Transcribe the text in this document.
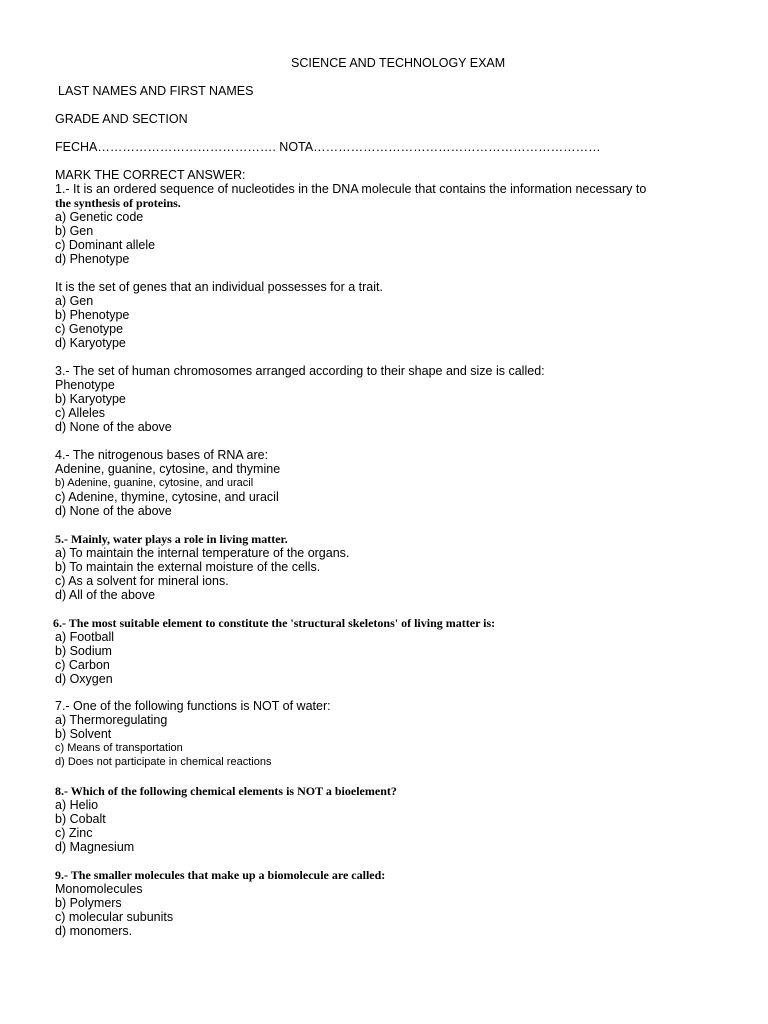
SCIENCE AND TECHNOLOGY EXAM
LAST NAMES AND FIRST NAMES
GRADE AND SECTION
FECHA……………………………………. NOTA……………………………………………………………
MARK THE CORRECT ANSWER:
1.- It is an ordered sequence of nucleotides in the DNA molecule that contains the information necessary to
the synthesis of proteins.
a) Genetic code
b) Gen
c) Dominant allele
d) Phenotype
It is the set of genes that an individual possesses for a trait.
a) Gen
b) Phenotype
c) Genotype
d) Karyotype
3.- The set of human chromosomes arranged according to their shape and size is called:
Phenotype
b) Karyotype
c) Alleles
d) None of the above
4.- The nitrogenous bases of RNA are:
Adenine, guanine, cytosine, and thymine
b) Adenine, guanine, cytosine, and uracil
c) Adenine, thymine, cytosine, and uracil
d) None of the above
5.- Mainly, water plays a role in living matter.
a) To maintain the internal temperature of the organs.
b) To maintain the external moisture of the cells.
c) As a solvent for mineral ions.
d) All of the above
6.- The most suitable element to constitute the 'structural skeletons' of living matter is:
a) Football
b) Sodium
c) Carbon
d) Oxygen
7.- One of the following functions is NOT of water:
a) Thermoregulating
b) Solvent
c) Means of transportation
d) Does not participate in chemical reactions
8.- Which of the following chemical elements is NOT a bioelement?
a) Helio
b) Cobalt
c) Zinc
d) Magnesium
9.- The smaller molecules that make up a biomolecule are called:
Monomolecules
b) Polymers
c) molecular subunits
d) monomers.
